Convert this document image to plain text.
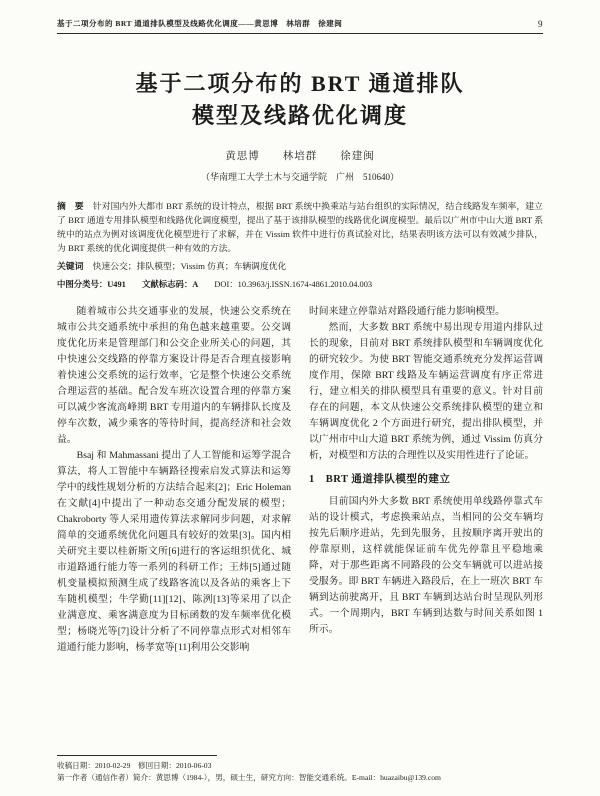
基于二项分布的 BRT 通道排队模型及线路优化调度——黄思博　林培群　徐建闽	9
基于二项分布的 BRT 通道排队
模型及线路优化调度
黄思博　　林培群　　徐建闽
（华南理工大学土木与交通学院　广州　510640）

摘　要 针对国内外大都市 BRT 系统的设计特点，根据 BRT 系统中换乘站与站台组织的实际情况，结合线路发车频率，建立了 BRT 通道专用排队模型和线路优化调度模型，提出了基于该排队模型的线路优化调度模型。最后以广州市中山大道 BRT 系统中的站点为例对该调度优化模型进行了求解，并在 Vissim 软件中进行仿真试验对比，结果表明该方法可以有效减少排队，为 BRT 系统的优化调度提供一种有效的方法。

关键词 快速公交；排队模型；Vissim 仿真；车辆调度优化

中图分类号：U491 文献标志码：A DOI：10.3963/j.ISSN.1674-4861.2010.04.003

随着城市公共交通事业的发展，快速公交系统在城市公共交通系统中承担的角色越来越重要。公交调度优化历来是管理部门和公交企业所关心的问题，其中快速公交线路的停靠方案设计得是否合理直接影响着快速公交系统的运行效率，它是整个快速公交系统合理运营的基础。配合发车班次设置合理的停靠方案可以减少客流高峰期 BRT 专用道内的车辆排队长度及停车次数，减少乘客的等待时间，提高经济和社会效益。

Bsaj 和 Mahmassani 提出了人工智能和运筹学混合算法，将人工智能中车辆路径搜索启发式算法和运筹学中的线性规划分析的方法结合起来[2]；Eric Holeman 在文献[4]中提出了一种动态交通分配发展的模型；Chakroborty 等人采用遗传算法求解同步问题，对求解简单的交通系统优化问题具有较好的效果[3]。国内相关研究主要以桂新斯文所[6]进行的客运组织优化、城市道路通行能力等一系列的科研工作；王炜[5]通过随机变量模拟预测生成了线路客流以及各站的乘客上下车随机模型；牛学勤[11][12]、陈洌[13]等采用了以企业满意度、乘客满意度为目标函数的发车频率优化模型；杨晓光等[7]设计分析了不同停靠点形式对相邻车道通行能力影响，杨孝宽等[11]利用公交影响

时间来建立停靠站对路段通行能力影响模型。

然而，大多数 BRT 系统中易出现专用道内排队过长的现象，目前对 BRT 系统排队模型和车辆调度优化的研究较少。为使 BRT 智能交通系统充分发挥运营调度作用，保障 BRT 线路及车辆运营调度有序正常进行，建立相关的排队模型具有重要的意义。针对目前存在的问题，本文从快速公交系统排队模型的建立和车辆调度优化 2 个方面进行研究，提出排队模型，并以广州市中山大道 BRT 系统为例，通过 Vissim 仿真分析，对模型和方法的合理性以及实用性进行了论证。

1　BRT 通道排队模型的建立

目前国内外大多数 BRT 系统使用单线路停靠式车站的设计模式，考虑换乘站点，当相同的公交车辆均按先后顺序进站，先到先服务，且按顺序离开驶出的停靠原则，这样就能保证前车优先停靠且平稳地乘降，对于那些距离不同路段的公交车辆就可以进站接受服务。即 BRT 车辆进入路段后，在上一班次 BRT 车辆到达前驶离开，且 BRT 车辆到达站台时呈现队列形式。一个周期内，BRT 车辆到达数与时间关系如图 1 所示。

收稿日期：2010-02-29　修回日期：2010-06-03
第一作者（通信作者）简介：黄思博（1984-），男，硕士生，研究方向：智能交通系统。E-mail：huazaibu@139.com
